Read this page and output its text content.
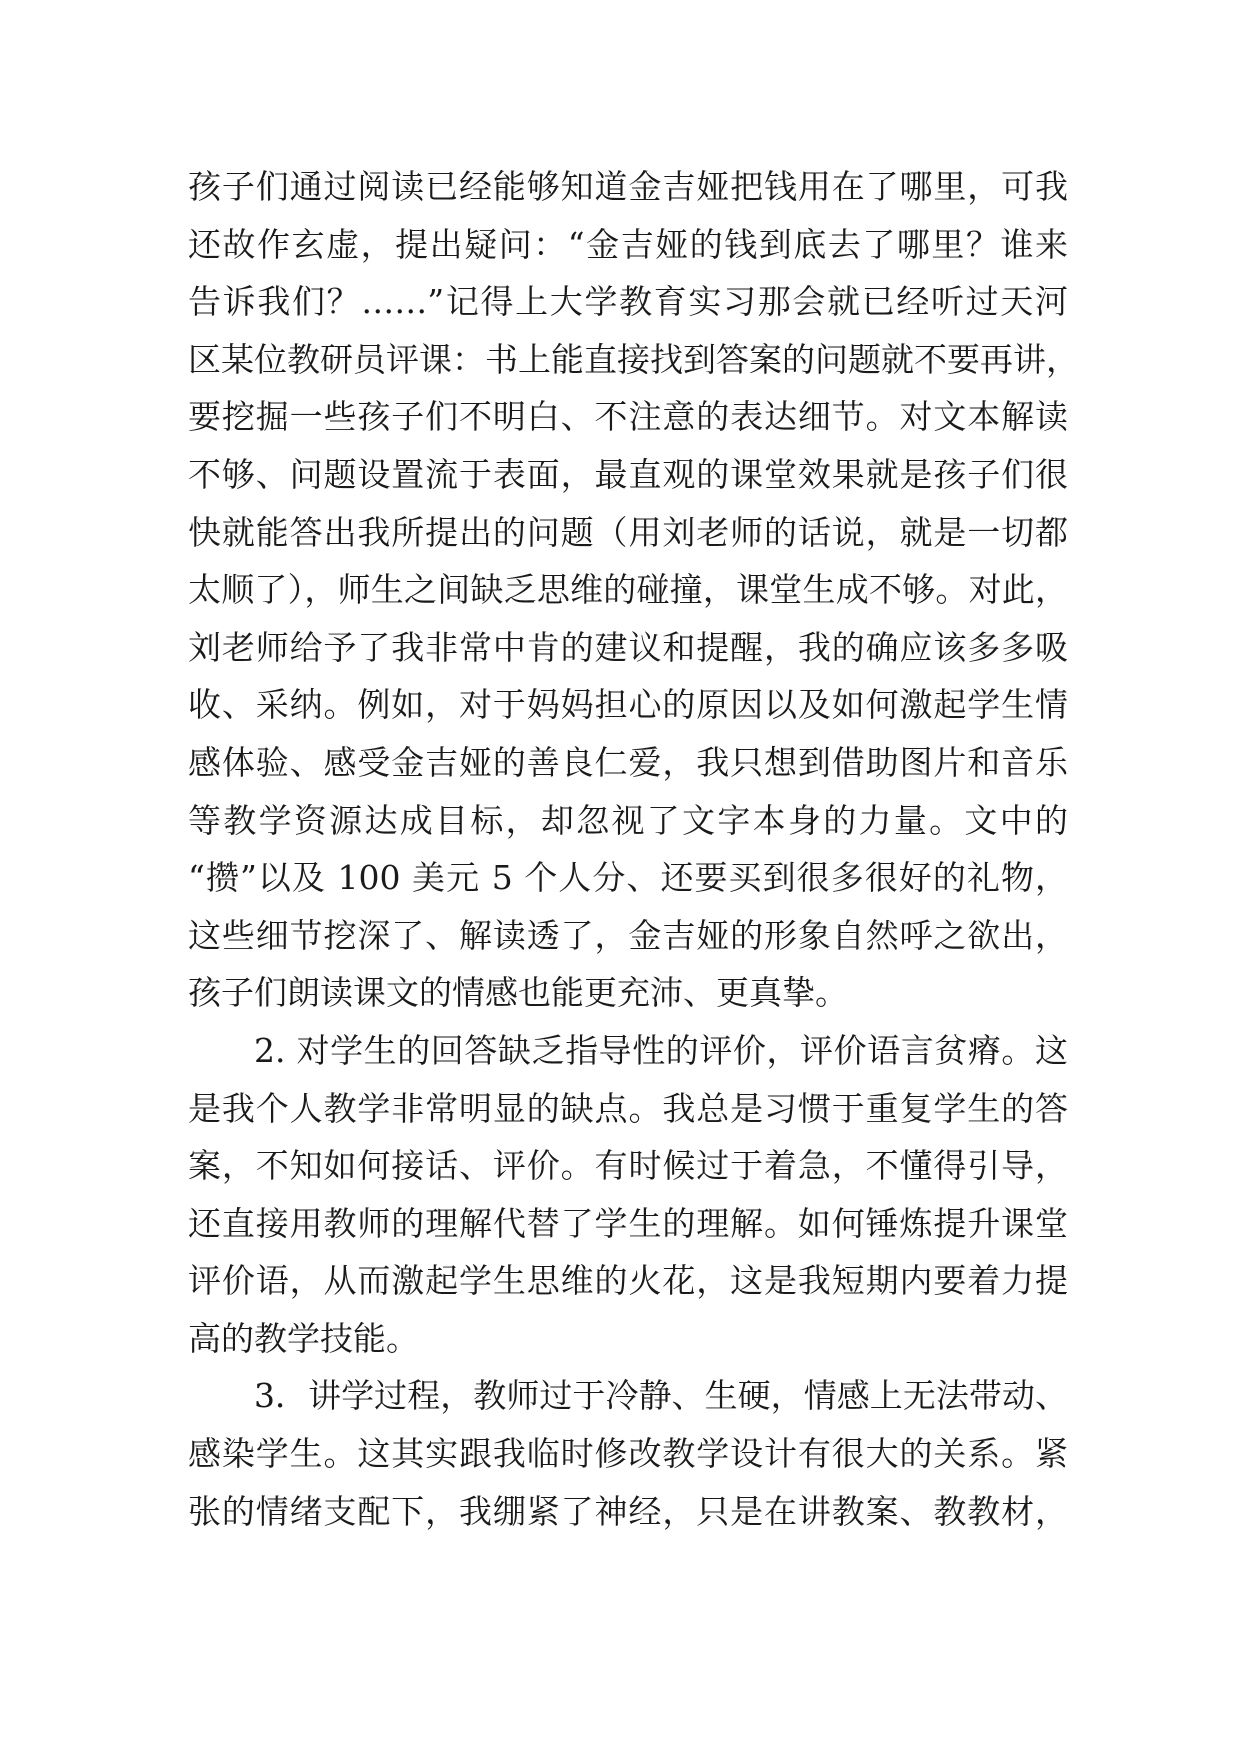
孩子们通过阅读已经能够知道金吉娅把钱用在了哪里，可我
还故作玄虚，提出疑问：“金吉娅的钱到底去了哪里？谁来
告诉我们？……”记得上大学教育实习那会就已经听过天河
区某位教研员评课：书上能直接找到答案的问题就不要再讲，
要挖掘一些孩子们不明白、不注意的表达细节。对文本解读
不够、问题设置流于表面，最直观的课堂效果就是孩子们很
快就能答出我所提出的问题（用刘老师的话说，就是一切都
太顺了），师生之间缺乏思维的碰撞，课堂生成不够。对此，
刘老师给予了我非常中肯的建议和提醒，我的确应该多多吸
收、采纳。例如，对于妈妈担心的原因以及如何激起学生情
感体验、感受金吉娅的善良仁爱，我只想到借助图片和音乐
等教学资源达成目标，却忽视了文字本身的力量。文中的
“攒”以及 100 美元 5 个人分、还要买到很多很好的礼物，
这些细节挖深了、解读透了，金吉娅的形象自然呼之欲出，
孩子们朗读课文的情感也能更充沛、更真挚。
2. 对学生的回答缺乏指导性的评价，评价语言贫瘠。这
是我个人教学非常明显的缺点。我总是习惯于重复学生的答
案，不知如何接话、评价。有时候过于着急，不懂得引导，
还直接用教师的理解代替了学生的理解。如何锤炼提升课堂
评价语，从而激起学生思维的火花，这是我短期内要着力提
高的教学技能。
3．讲学过程，教师过于冷静、生硬，情感上无法带动、
感染学生。这其实跟我临时修改教学设计有很大的关系。紧
张的情绪支配下，我绷紧了神经，只是在讲教案、教教材，
